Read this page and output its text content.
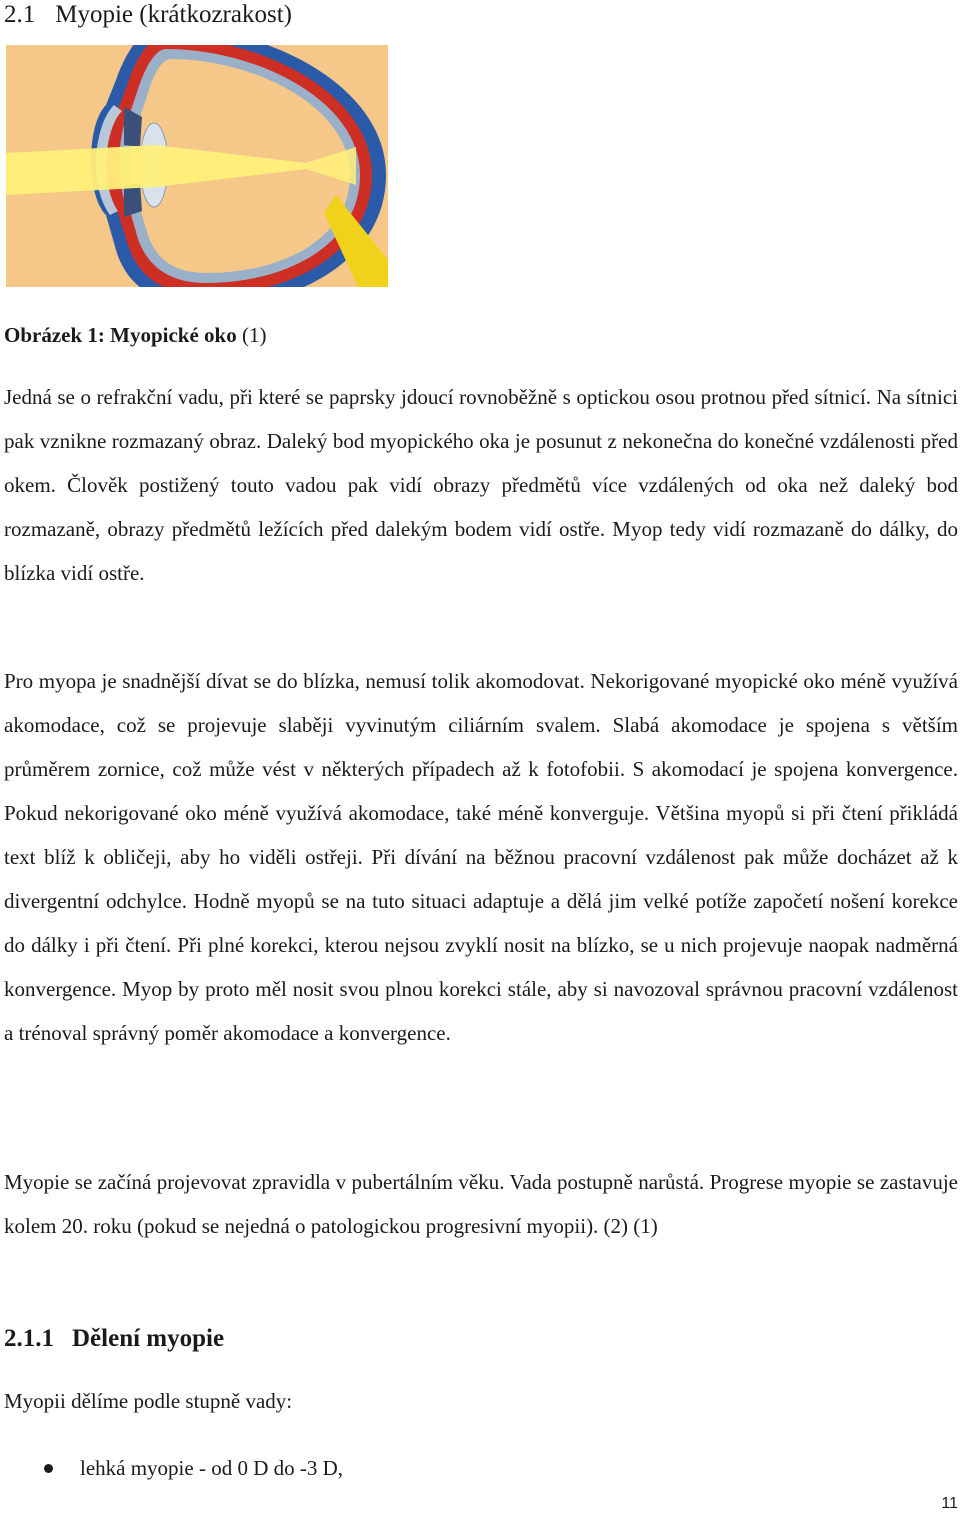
2.1 Myopie (krátkozrakost)
Obrázek 1: Myopické oko (1)

Jedná se o refrakční vadu, při které se paprsky jdoucí rovnoběžně s optickou osou protnou před sítnicí. Na sítnici pak vznikne rozmazaný obraz. Daleký bod myopického oka je posunut z nekonečna do konečné vzdálenosti před okem. Člověk postižený touto vadou pak vidí obrazy předmětů více vzdálených od oka než daleký bod rozmazaně, obrazy předmětů ležících před dalekým bodem vidí ostře. Myop tedy vidí rozmazaně do dálky, do blízka vidí ostře.

Pro myopa je snadnější dívat se do blízka, nemusí tolik akomodovat. Nekorigované myopické oko méně využívá akomodace, což se projevuje slaběji vyvinutým ciliárním svalem. Slabá akomodace je spojena s větším průměrem zornice, což může vést v některých případech až k fotofobii. S akomodací je spojena konvergence. Pokud nekorigované oko méně využívá akomodace, také méně konverguje. Většina myopů si při čtení přikládá text blíž k obličeji, aby ho viděli ostřeji. Při dívání na běžnou pracovní vzdálenost pak může docházet až k divergentní odchylce. Hodně myopů se na tuto situaci adaptuje a dělá jim velké potíže započetí nošení korekce do dálky i při čtení. Při plné korekci, kterou nejsou zvyklí nosit na blízko, se u nich projevuje naopak nadměrná konvergence. Myop by proto měl nosit svou plnou korekci stále, aby si navozoval správnou pracovní vzdálenost a trénoval správný poměr akomodace a konvergence.

Myopie se začíná projevovat zpravidla v pubertálním věku. Vada postupně narůstá. Progrese myopie se zastavuje kolem 20. roku (pokud se nejedná o patologickou progresivní myopii). (2) (1)

2.1.1 Dělení myopie
Myopii dělíme podle stupně vady:
lehká myopie - od 0 D do -3 D,
11
